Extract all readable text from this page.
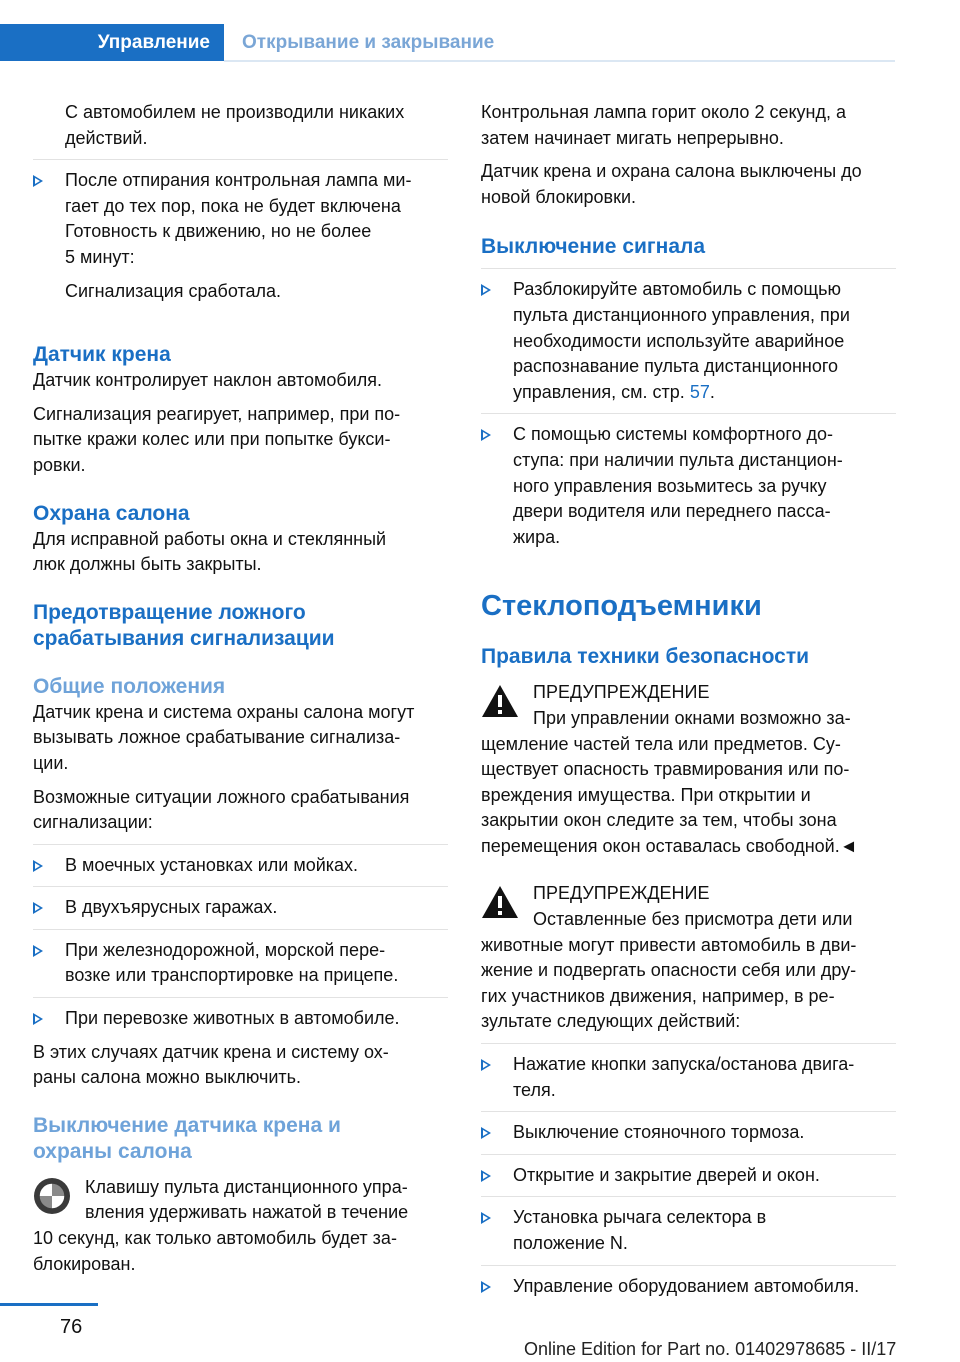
Управление	Открывание и закрывание

С автомобилем не производили никаких

действий.

После отпирания контрольная лампа ми-

гает до тех пор, пока не будет включена

Готовность к движению, но не более

5 минут:

Сигнализация сработала.

Датчик крена

Датчик контролирует наклон автомобиля.

Сигнализация реагирует, например, при по-

пытке кражи колес или при попытке букси-

ровки.

Охрана салона

Для исправной работы окна и стеклянный

люк должны быть закрыты.

Предотвращение ложного
срабатывания сигнализации
Общие положения

Датчик крена и система охраны салона могут

вызывать ложное срабатывание сигнализа-

ции.

Возможные ситуации ложного срабатывания

сигнализации:

В моечных установках или мойках.

В двухъярусных гаражах.

При железнодорожной, морской пере-

возке или транспортировке на прицепе.

При перевозке животных в автомобиле.

В этих случаях датчик крена и систему ох-

раны салона можно выключить.

Выключение датчика крена и
охраны салона

Клавишу пульта дистанционного упра-

вления удерживать нажатой в течение

10 секунд, как только автомобиль будет за-

блокирован.

Контрольная лампа горит около 2 секунд, а

затем начинает мигать непрерывно.

Датчик крена и охрана салона выключены до

новой блокировки.

Выключение сигнала

Разблокируйте автомобиль с помощью

пульта дистанционного управления, при

необходимости используйте аварийное

распознавание пульта дистанционного

управления, см. стр. 57.

С помощью системы комфортного до-

ступа: при наличии пульта дистанцион-

ного управления возьмитесь за ручку

двери водителя или переднего пасса-

жира.

Стеклоподъемники
Правила техники безопасности

ПРЕДУПРЕЖДЕНИЕ

При управлении окнами возможно за-

щемление частей тела или предметов. Су-

ществует опасность травмирования или по-

вреждения имущества. При открытии и

закрытии окон следите за тем, чтобы зона

перемещения окон оставалась свободной.◄

ПРЕДУПРЕЖДЕНИЕ

Оставленные без присмотра дети или

животные могут привести автомобиль в дви-

жение и подвергать опасности себя или дру-

гих участников движения, например, в ре-

зультате следующих действий:

Нажатие кнопки запуска/останова двига-

теля.

Выключение стояночного тормоза.

Открытие и закрытие дверей и окон.

Установка рычага селектора в

положение N.

Управление оборудованием автомобиля.

76
Online Edition for Part no. 01402978685 - II/17
